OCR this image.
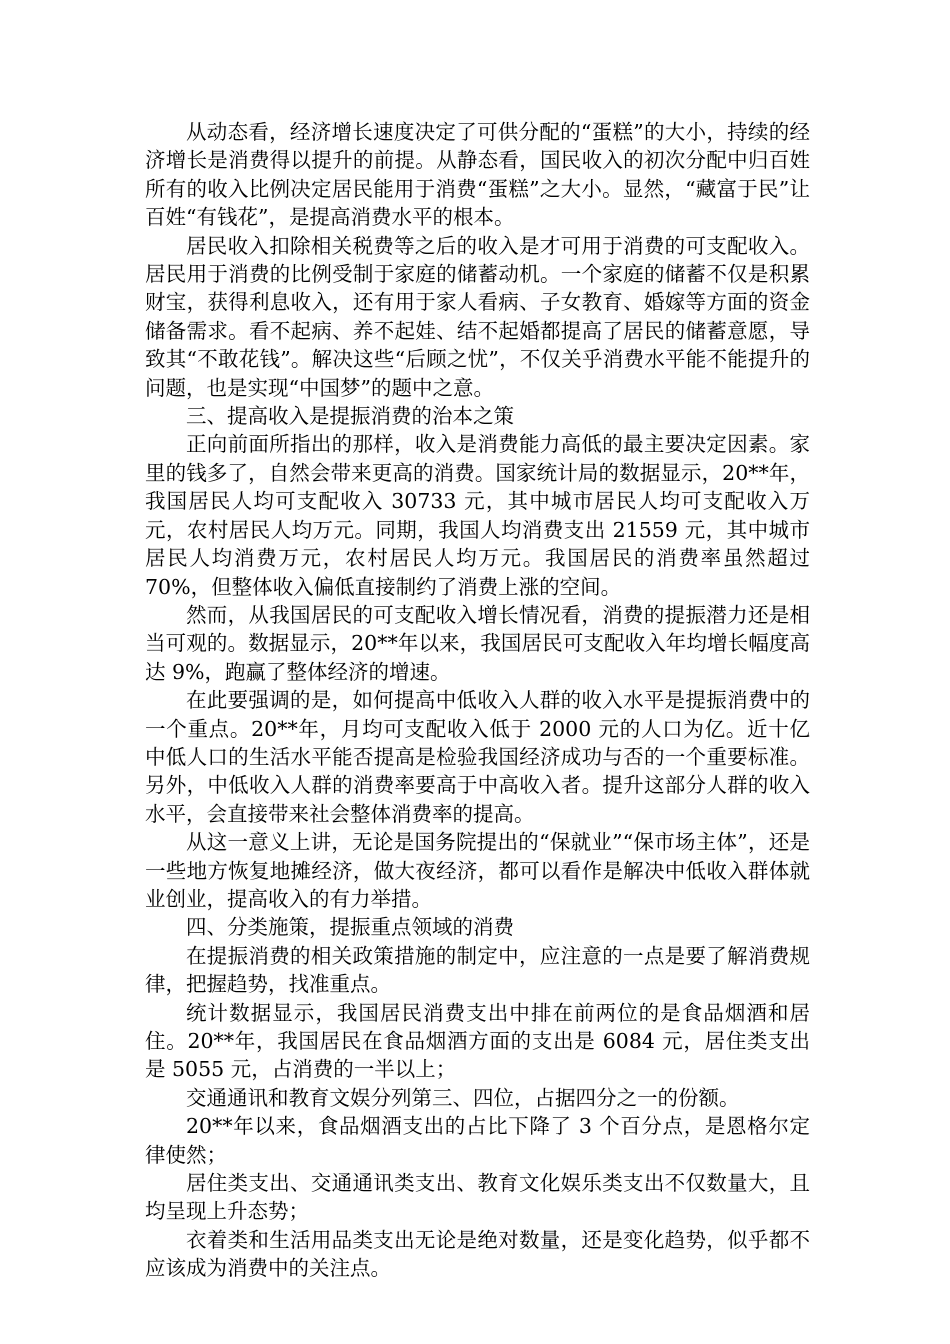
从动态看，经济增长速度决定了可供分配的“蛋糕”的大小，持续的经济增长是消费得以提升的前提。从静态看，国民收入的初次分配中归百姓所有的收入比例决定居民能用于消费“蛋糕”之大小。显然，“藏富于民”让百姓“有钱花”，是提高消费水平的根本。

居民收入扣除相关税费等之后的收入是才可用于消费的可支配收入。居民用于消费的比例受制于家庭的储蓄动机。一个家庭的储蓄不仅是积累财宝，获得利息收入，还有用于家人看病、子女教育、婚嫁等方面的资金储备需求。看不起病、养不起娃、结不起婚都提高了居民的储蓄意愿，导致其“不敢花钱”。解决这些“后顾之忧”，不仅关乎消费水平能不能提升的问题，也是实现“中国梦”的题中之意。

三、提高收入是提振消费的治本之策

正向前面所指出的那样，收入是消费能力高低的最主要决定因素。家里的钱多了，自然会带来更高的消费。国家统计局的数据显示，20**年，我国居民人均可支配收入 30733 元，其中城市居民人均可支配收入万元，农村居民人均万元。同期，我国人均消费支出 21559 元，其中城市居民人均消费万元，农村居民人均万元。我国居民的消费率虽然超过 70%，但整体收入偏低直接制约了消费上涨的空间。

然而，从我国居民的可支配收入增长情况看，消费的提振潜力还是相当可观的。数据显示，20**年以来，我国居民可支配收入年均增长幅度高达 9%，跑赢了整体经济的增速。

在此要强调的是，如何提高中低收入人群的收入水平是提振消费中的一个重点。20**年，月均可支配收入低于 2000 元的人口为亿。近十亿中低人口的生活水平能否提高是检验我国经济成功与否的一个重要标准。另外，中低收入人群的消费率要高于中高收入者。提升这部分人群的收入水平，会直接带来社会整体消费率的提高。

从这一意义上讲，无论是国务院提出的“保就业”“保市场主体”，还是一些地方恢复地摊经济，做大夜经济，都可以看作是解决中低收入群体就业创业，提高收入的有力举措。

四、分类施策，提振重点领域的消费

在提振消费的相关政策措施的制定中，应注意的一点是要了解消费规律，把握趋势，找准重点。

统计数据显示，我国居民消费支出中排在前两位的是食品烟酒和居住。20**年，我国居民在食品烟酒方面的支出是 6084 元，居住类支出是 5055 元，占消费的一半以上；

交通通讯和教育文娱分列第三、四位，占据四分之一的份额。

20**年以来，食品烟酒支出的占比下降了 3 个百分点，是恩格尔定律使然；

居住类支出、交通通讯类支出、教育文化娱乐类支出不仅数量大，且均呈现上升态势；

衣着类和生活用品类支出无论是绝对数量，还是变化趋势，似乎都不应该成为消费中的关注点。
